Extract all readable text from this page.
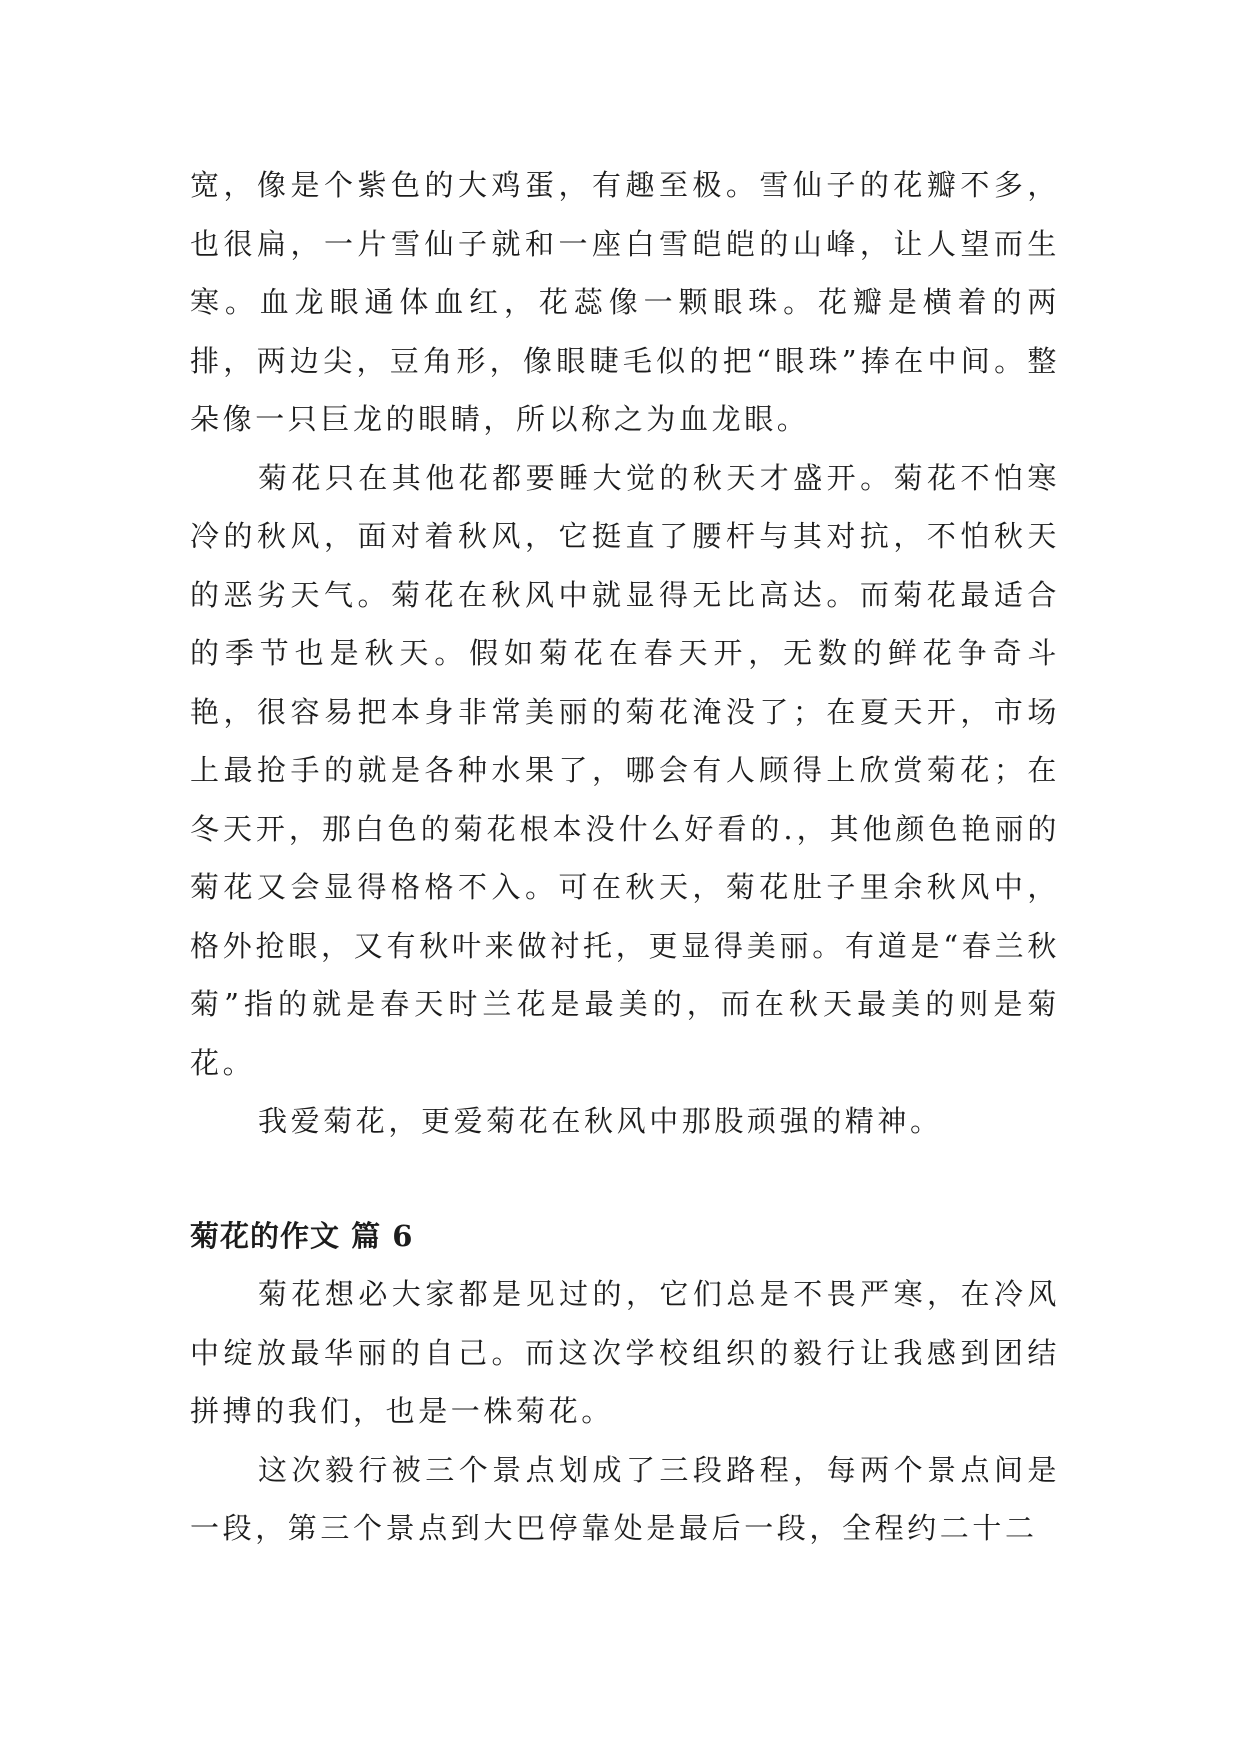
宽，像是个紫色的大鸡蛋，有趣至极。雪仙子的花瓣不多，也很扁，一片雪仙子就和一座白雪皑皑的山峰，让人望而生寒。血龙眼通体血红，花蕊像一颗眼珠。花瓣是横着的两排，两边尖，豆角形，像眼睫毛似的把“眼珠”捧在中间。整朵像一只巨龙的眼睛，所以称之为血龙眼。

菊花只在其他花都要睡大觉的秋天才盛开。菊花不怕寒冷的秋风，面对着秋风，它挺直了腰杆与其对抗，不怕秋天的恶劣天气。菊花在秋风中就显得无比高达。而菊花最适合的季节也是秋天。假如菊花在春天开，无数的鲜花争奇斗艳，很容易把本身非常美丽的菊花淹没了；在夏天开，市场上最抢手的就是各种水果了，哪会有人顾得上欣赏菊花；在冬天开，那白色的菊花根本没什么好看的.，其他颜色艳丽的菊花又会显得格格不入。可在秋天，菊花肚子里余秋风中，格外抢眼，又有秋叶来做衬托，更显得美丽。有道是“春兰秋菊”指的就是春天时兰花是最美的，而在秋天最美的则是菊花。

我爱菊花，更爱菊花在秋风中那股顽强的精神。

菊花的作文 篇 6

菊花想必大家都是见过的，它们总是不畏严寒，在冷风中绽放最华丽的自己。而这次学校组织的毅行让我感到团结拼搏的我们，也是一株菊花。

这次毅行被三个景点划成了三段路程，每两个景点间是一段，第三个景点到大巴停靠处是最后一段，全程约二十二
